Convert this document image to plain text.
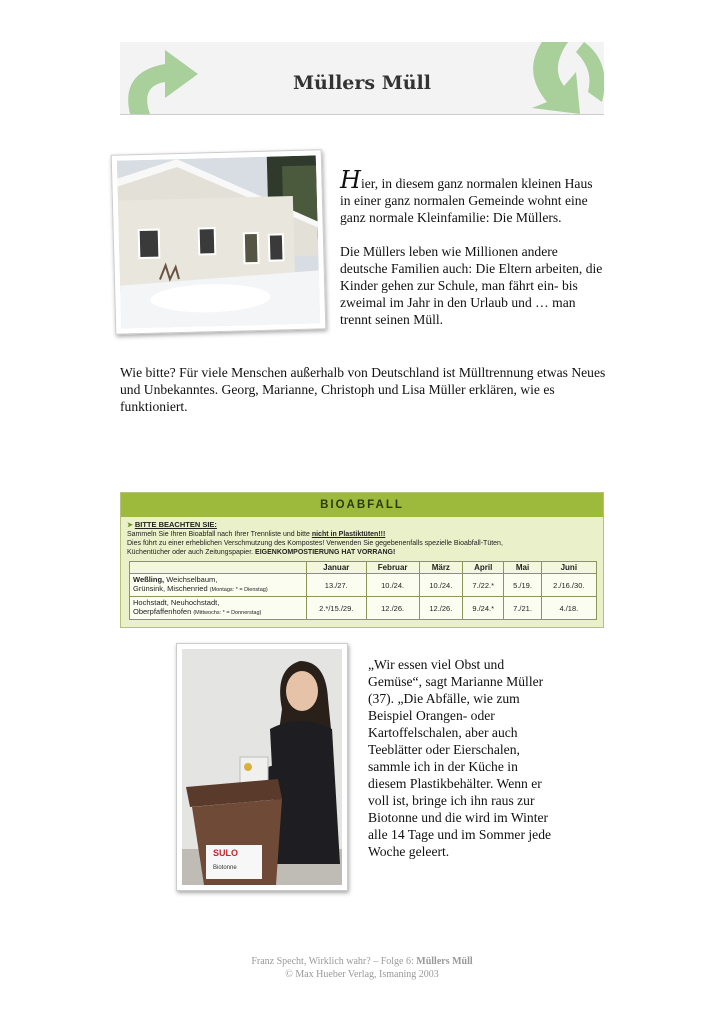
Müllers Müll

Hier, in diesem ganz normalen kleinen Haus in einer ganz normalen Gemeinde wohnt eine ganz normale Kleinfamilie: Die Müllers.

Die Müllers leben wie Millionen andere deutsche Familien auch: Die Eltern arbeiten, die Kinder gehen zur Schule, man fährt ein- bis zweimal im Jahr in den Urlaub und … man trennt seinen Müll.

Wie bitte? Für viele Menschen außerhalb von Deutschland ist Mülltrennung etwas Neues und Unbekanntes. Georg, Marianne, Christoph und Lisa Müller erklären, wie es funktioniert.
BIOABFALL
➤ BITTE BEACHTEN SIE:
Sammeln Sie Ihren Bioabfall nach Ihrer Trennliste und bitte nicht in Plastiktüten!!!
Dies führt zu einer erheblichen Verschmutzung des Kompostes! Verwenden Sie gegebenenfalls spezielle Bioabfall-Tüten,
Küchentücher oder auch Zeitungspapier. EIGENKOMPOSTIERUNG HAT VORRANG!
	Januar	Februar	März	April	Mai	Juni
Weßling, Weichselbaum,
Grünsink, Mischenried (Montags: * = Dienstag)	13./27.	10./24.	10./24.	7./22.*	5./19.	2./16./30.
Hochstadt, Neuhochstadt,
Oberpfaffenhofen (Mittwochs: * = Donnerstag)	2.*/15./29.	12./26.	12./26.	9./24.*	7./21.	4./18.
SULO
Biotonne
„Wir essen viel Obst und Gemüse“, sagt Marianne Müller (37). „Die Abfälle, wie zum Beispiel Orangen- oder Kartoffelschalen, aber auch Teeblätter oder Eierschalen, sammle ich in der Küche in diesem Plastikbehälter. Wenn er voll ist, bringe ich ihn raus zur Biotonne und die wird im Winter alle 14 Tage und im Sommer jede Woche geleert.
Franz Specht, Wirklich wahr? – Folge 6: Müllers Müll
© Max Hueber Verlag, Ismaning 2003
